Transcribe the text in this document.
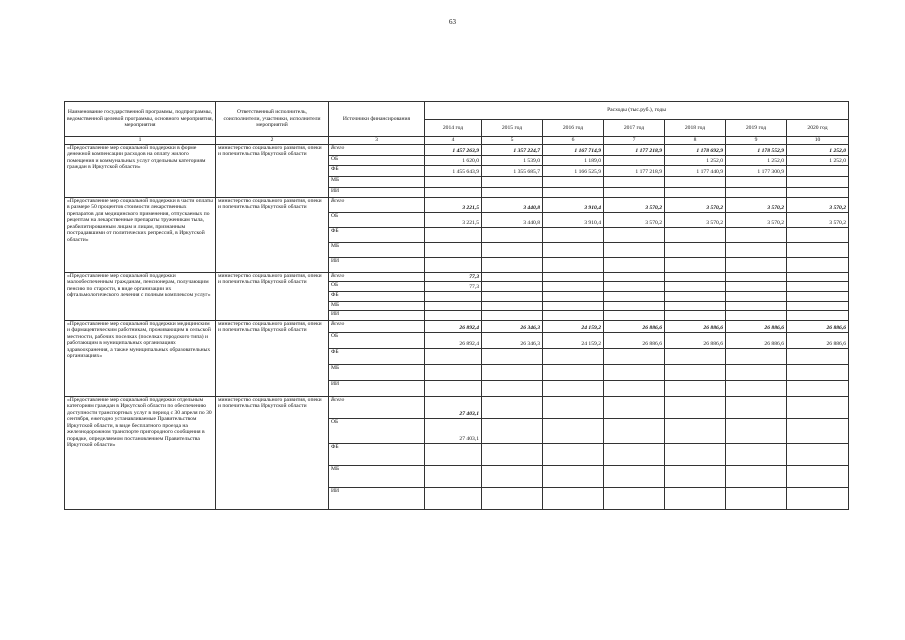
63
Наименование государственной программы, подпрограммы, ведомственной целевой программы, основного мероприятия, мероприятия	Ответственный исполнитель, соисполнители, участники, исполнители мероприятий	Источники финансирования	Расходы (тыс.руб.), годы						
			2014 год	2015 год	2016 год	2017 год	2018 год	2019 год	2020 год
1	2	3	4	5	6	7	8	9	10
«Предоставление мер социальной поддержки в форме денежной компенсации расходов на оплату жилого помещения и коммунальных услуг отдельным категориям граждан в Иркутской области»	министерство социального развития, опеки и попечительства Иркутской области	Всего	1 457 263,9	1 357 224,7	1 167 714,9	1 177 218,9	1 178 692,9	1 178 552,9	1 252,0
		ОБ	1 620,0	1 539,0	1 189,0		1 252,0	1 252,0	1 252,0
		ФБ	1 455 643,9	1 355 685,7	1 166 525,9	1 177 218,9	1 177 440,9	1 177 300,9	
		МБ							
		ИИ							
«Предоставление мер социальной поддержки в части оплаты в размере 50 процентов стоимости лекарственных препаратов для медицинского применения, отпускаемых по рецептам на лекарственные препараты труженикам тыла, реабилитированным лицам и лицам, признанным пострадавшими от политических репрессий, в Иркутской области»	министерство социального развития, опеки и попечительства Иркутской области	Всего	3 221,5	3 440,8	3 910,4	3 570,2	3 570,2	3 570,2	3 570,2
		ОБ	3 221,5	3 440,8	3 910,4	3 570,2	3 570,2	3 570,2	3 570,2
		ФБ							
		МБ							
		ИИ							
«Предоставление мер социальной поддержки малообеспеченным гражданам, пенсионерам, получающим пенсию по старости, в виде организации их офтальмологического лечения с полным комплексом услуг»	министерство социального развития, опеки и попечительства Иркутской области	Всего	77,3						
		ОБ	77,3						
		ФБ							
		МБ							
		ИИ							
«Предоставление мер социальной поддержки медицинским и фармацевтическим работникам, проживающим в сельской местности, рабочих поселках (поселках городского типа) и работающим в муниципальных организациях здравоохранения, а также муниципальных образовательных организациях»	министерство социального развития, опеки и попечительства Иркутской области	Всего	26 892,4	26 346,3	24 159,2	26 886,6	26 886,6	26 886,6	26 886,6
		ОБ	26 892,4	26 346,3	24 159,2	26 886,6	26 886,6	26 886,6	26 886,6
		ФБ							
		МБ							
		ИИ							
«Предоставление мер социальной поддержки отдельным категориям граждан в Иркутской области по обеспечению доступности транспортных услуг в период с 30 апреля по 30 сентября, ежегодно устанавливаемые Правительством Иркутской области, в виде бесплатного проезда на железнодорожном транспорте пригородного сообщения в порядке, определяемом постановлением Правительства Иркутской области»	министерство социального развития, опеки и попечительства Иркутской области	Всего	27 403,1						
		ОБ	27 403,1						
		ФБ							
		МБ							
		ИИ							
